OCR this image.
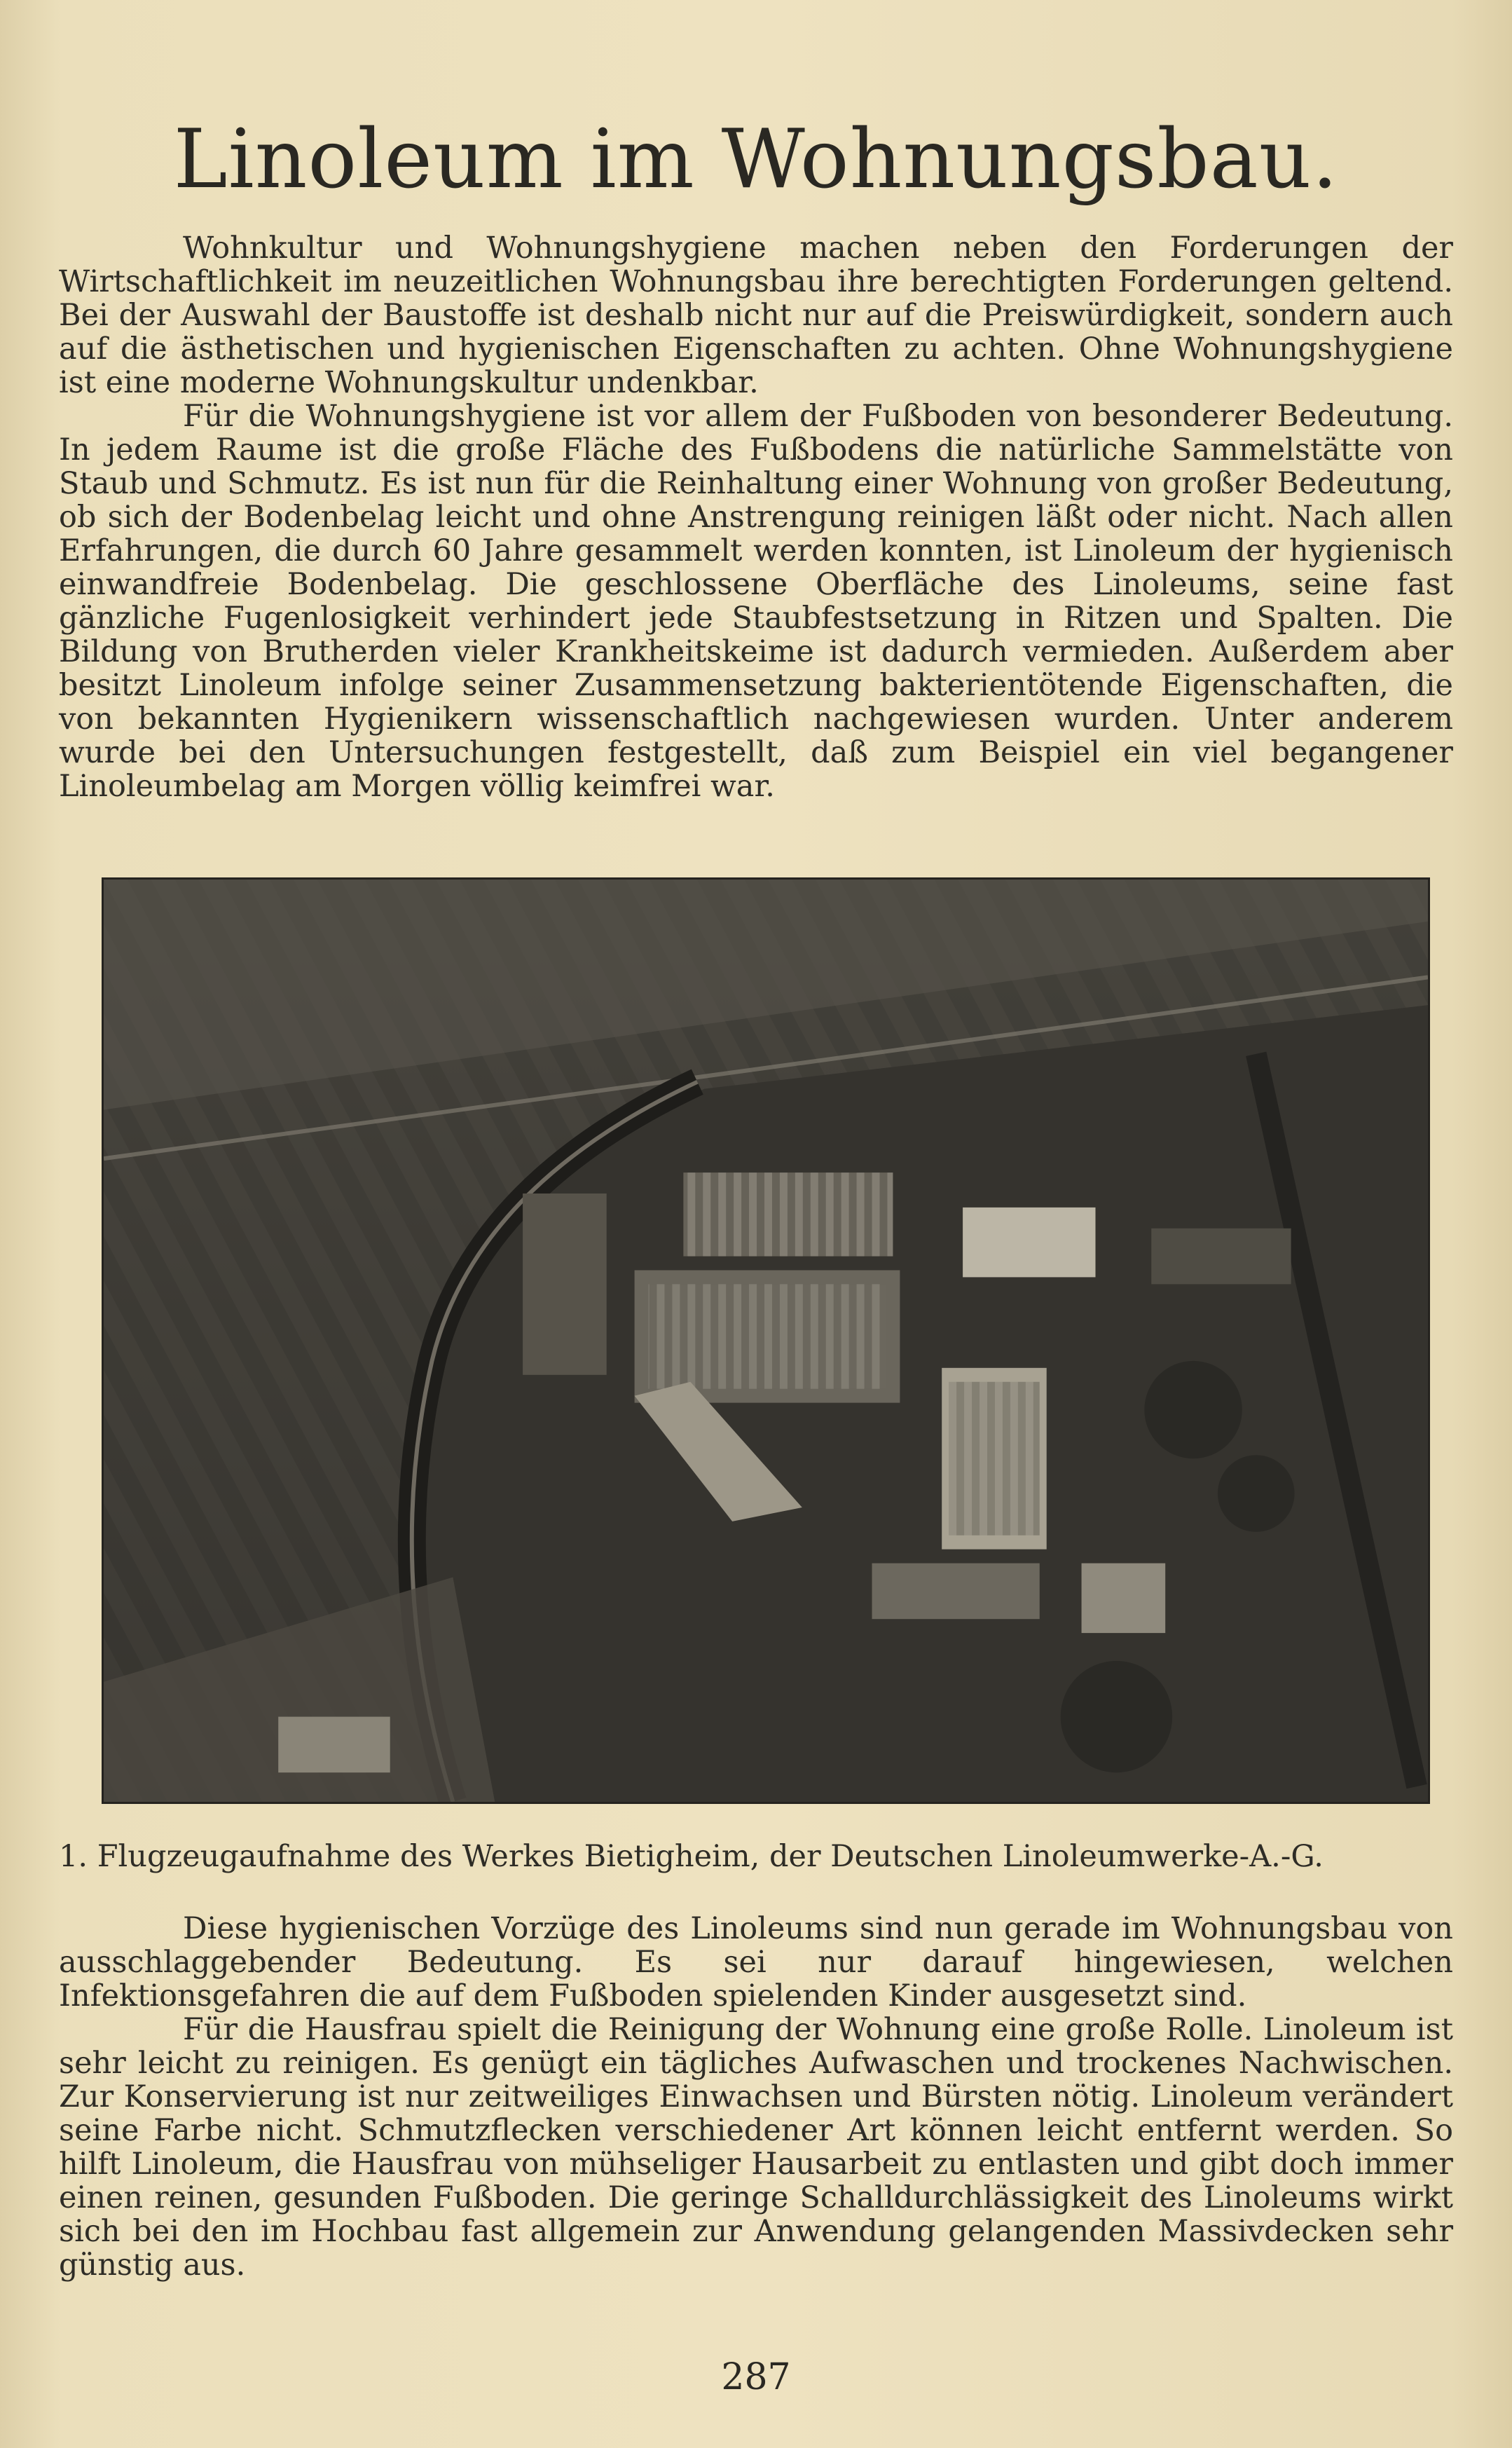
Linoleum im Wohnungsbau.

Wohnkultur und Wohnungshygiene machen neben den Forderungen der Wirtschaftlichkeit im neuzeitlichen Wohnungsbau ihre berechtigten Forderungen geltend. Bei der Auswahl der Baustoffe ist deshalb nicht nur auf die Preiswürdigkeit, sondern auch auf die ästhetischen und hygienischen Eigenschaften zu achten. Ohne Wohnungshygiene ist eine moderne Wohnungskultur undenkbar.

Für die Wohnungshygiene ist vor allem der Fußboden von besonderer Bedeutung. In jedem Raume ist die große Fläche des Fußbodens die natürliche Sammelstätte von Staub und Schmutz. Es ist nun für die Reinhaltung einer Wohnung von großer Bedeutung, ob sich der Bodenbelag leicht und ohne Anstrengung reinigen läßt oder nicht. Nach allen Erfahrungen, die durch 60 Jahre gesammelt werden konnten, ist Linoleum der hygienisch einwandfreie Bodenbelag. Die geschlossene Oberfläche des Linoleums, seine fast gänzliche Fugenlosigkeit verhindert jede Staubfestsetzung in Ritzen und Spalten. Die Bildung von Brutherden vieler Krankheitskeime ist dadurch vermieden. Außerdem aber besitzt Linoleum infolge seiner Zusammensetzung bakterientötende Eigenschaften, die von bekannten Hygienikern wissenschaftlich nachgewiesen wurden. Unter anderem wurde bei den Untersuchungen festgestellt, daß zum Beispiel ein viel begangener Linoleumbelag am Morgen völlig keimfrei war.

1. Flugzeugaufnahme des Werkes Bietigheim, der Deutschen Linoleumwerke-A.-G.

Diese hygienischen Vorzüge des Linoleums sind nun gerade im Wohnungsbau von ausschlaggebender Bedeutung. Es sei nur darauf hingewiesen, welchen Infektionsgefahren die auf dem Fußboden spielenden Kinder ausgesetzt sind.

Für die Hausfrau spielt die Reinigung der Wohnung eine große Rolle. Linoleum ist sehr leicht zu reinigen. Es genügt ein tägliches Aufwaschen und trockenes Nachwischen. Zur Konservierung ist nur zeitweiliges Einwachsen und Bürsten nötig. Linoleum verändert seine Farbe nicht. Schmutzflecken verschiedener Art können leicht entfernt werden. So hilft Linoleum, die Hausfrau von mühseliger Hausarbeit zu entlasten und gibt doch immer einen reinen, gesunden Fußboden. Die geringe Schalldurchlässigkeit des Linoleums wirkt sich bei den im Hochbau fast allgemein zur Anwendung gelangenden Massivdecken sehr günstig aus.

287
